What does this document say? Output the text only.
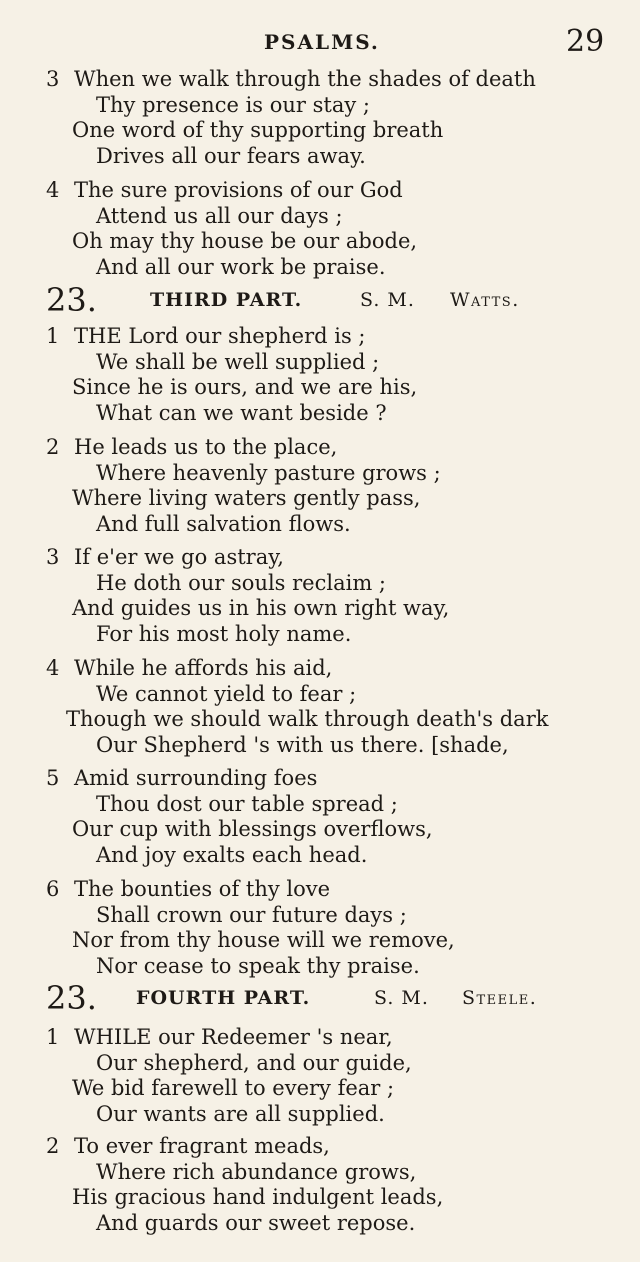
PSALMS.	29
3 When we walk through the shades of death
Thy presence is our stay ;
One word of thy supporting breath
Drives all our fears away.
4 The sure provisions of our God
Attend us all our days ;
Oh may thy house be our abode,
And all our work be praise.
23.	THIRD PART.	S. M. Watts.
1 THE Lord our shepherd is ;
We shall be well supplied ;
Since he is ours, and we are his,
What can we want beside ?
2 He leads us to the place,
Where heavenly pasture grows ;
Where living waters gently pass,
And full salvation flows.
3 If e'er we go astray,
He doth our souls reclaim ;
And guides us in his own right way,
For his most holy name.
4 While he affords his aid,
We cannot yield to fear ;
Though we should walk through death's dark
Our Shepherd 's with us there. [shade,
5 Amid surrounding foes
Thou dost our table spread ;
Our cup with blessings overflows,
And joy exalts each head.
6 The bounties of thy love
Shall crown our future days ;
Nor from thy house will we remove,
Nor cease to speak thy praise.
23. FOURTH PART.	S. M. Steele.
1 WHILE our Redeemer 's near,
Our shepherd, and our guide,
We bid farewell to every fear ;
Our wants are all supplied.
2 To ever fragrant meads,
Where rich abundance grows,
His gracious hand indulgent leads,
And guards our sweet repose.
